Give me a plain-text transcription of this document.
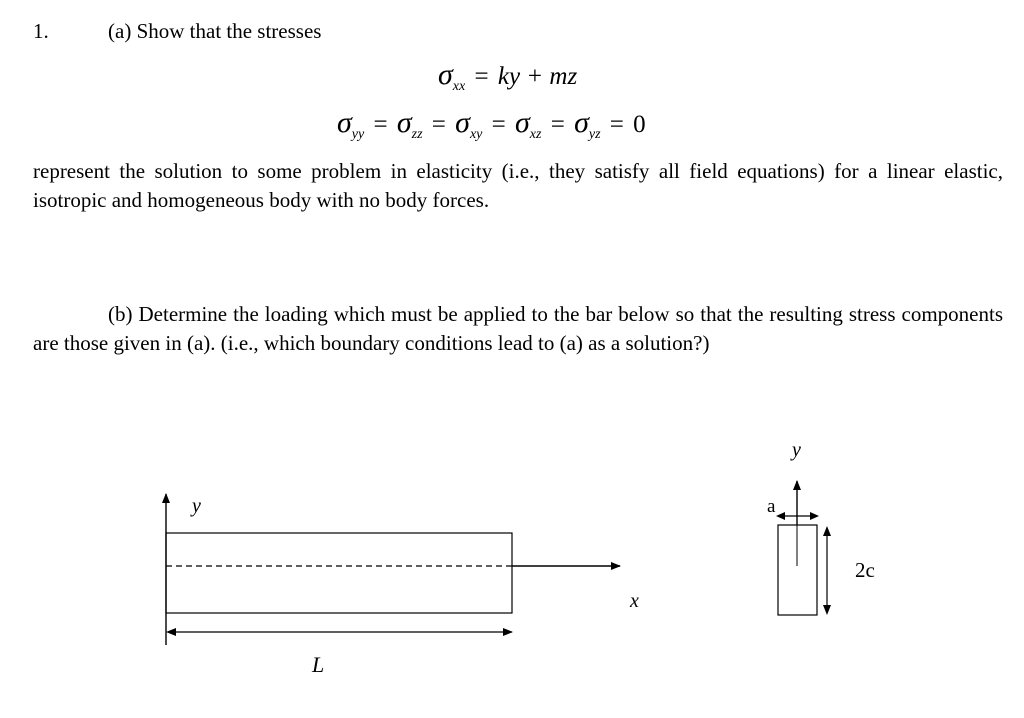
1.	(a) Show that the stresses
$\sigma_{xx}$ = ky + mz
$\sigma_{yy} = \sigma_{zz} = \sigma_{xy} = \sigma_{xz} = \sigma_{yz} = 0$
represent the solution to some problem in elasticity (i.e., they satisfy all field equations) for a linear elastic, isotropic and homogeneous body with no body forces.
(b) Determine the loading which must be applied to the bar below so that the resulting stress components are those given in (a). (i.e., which boundary conditions lead to (a) as a solution?)
y
x
L
y
a
2c
